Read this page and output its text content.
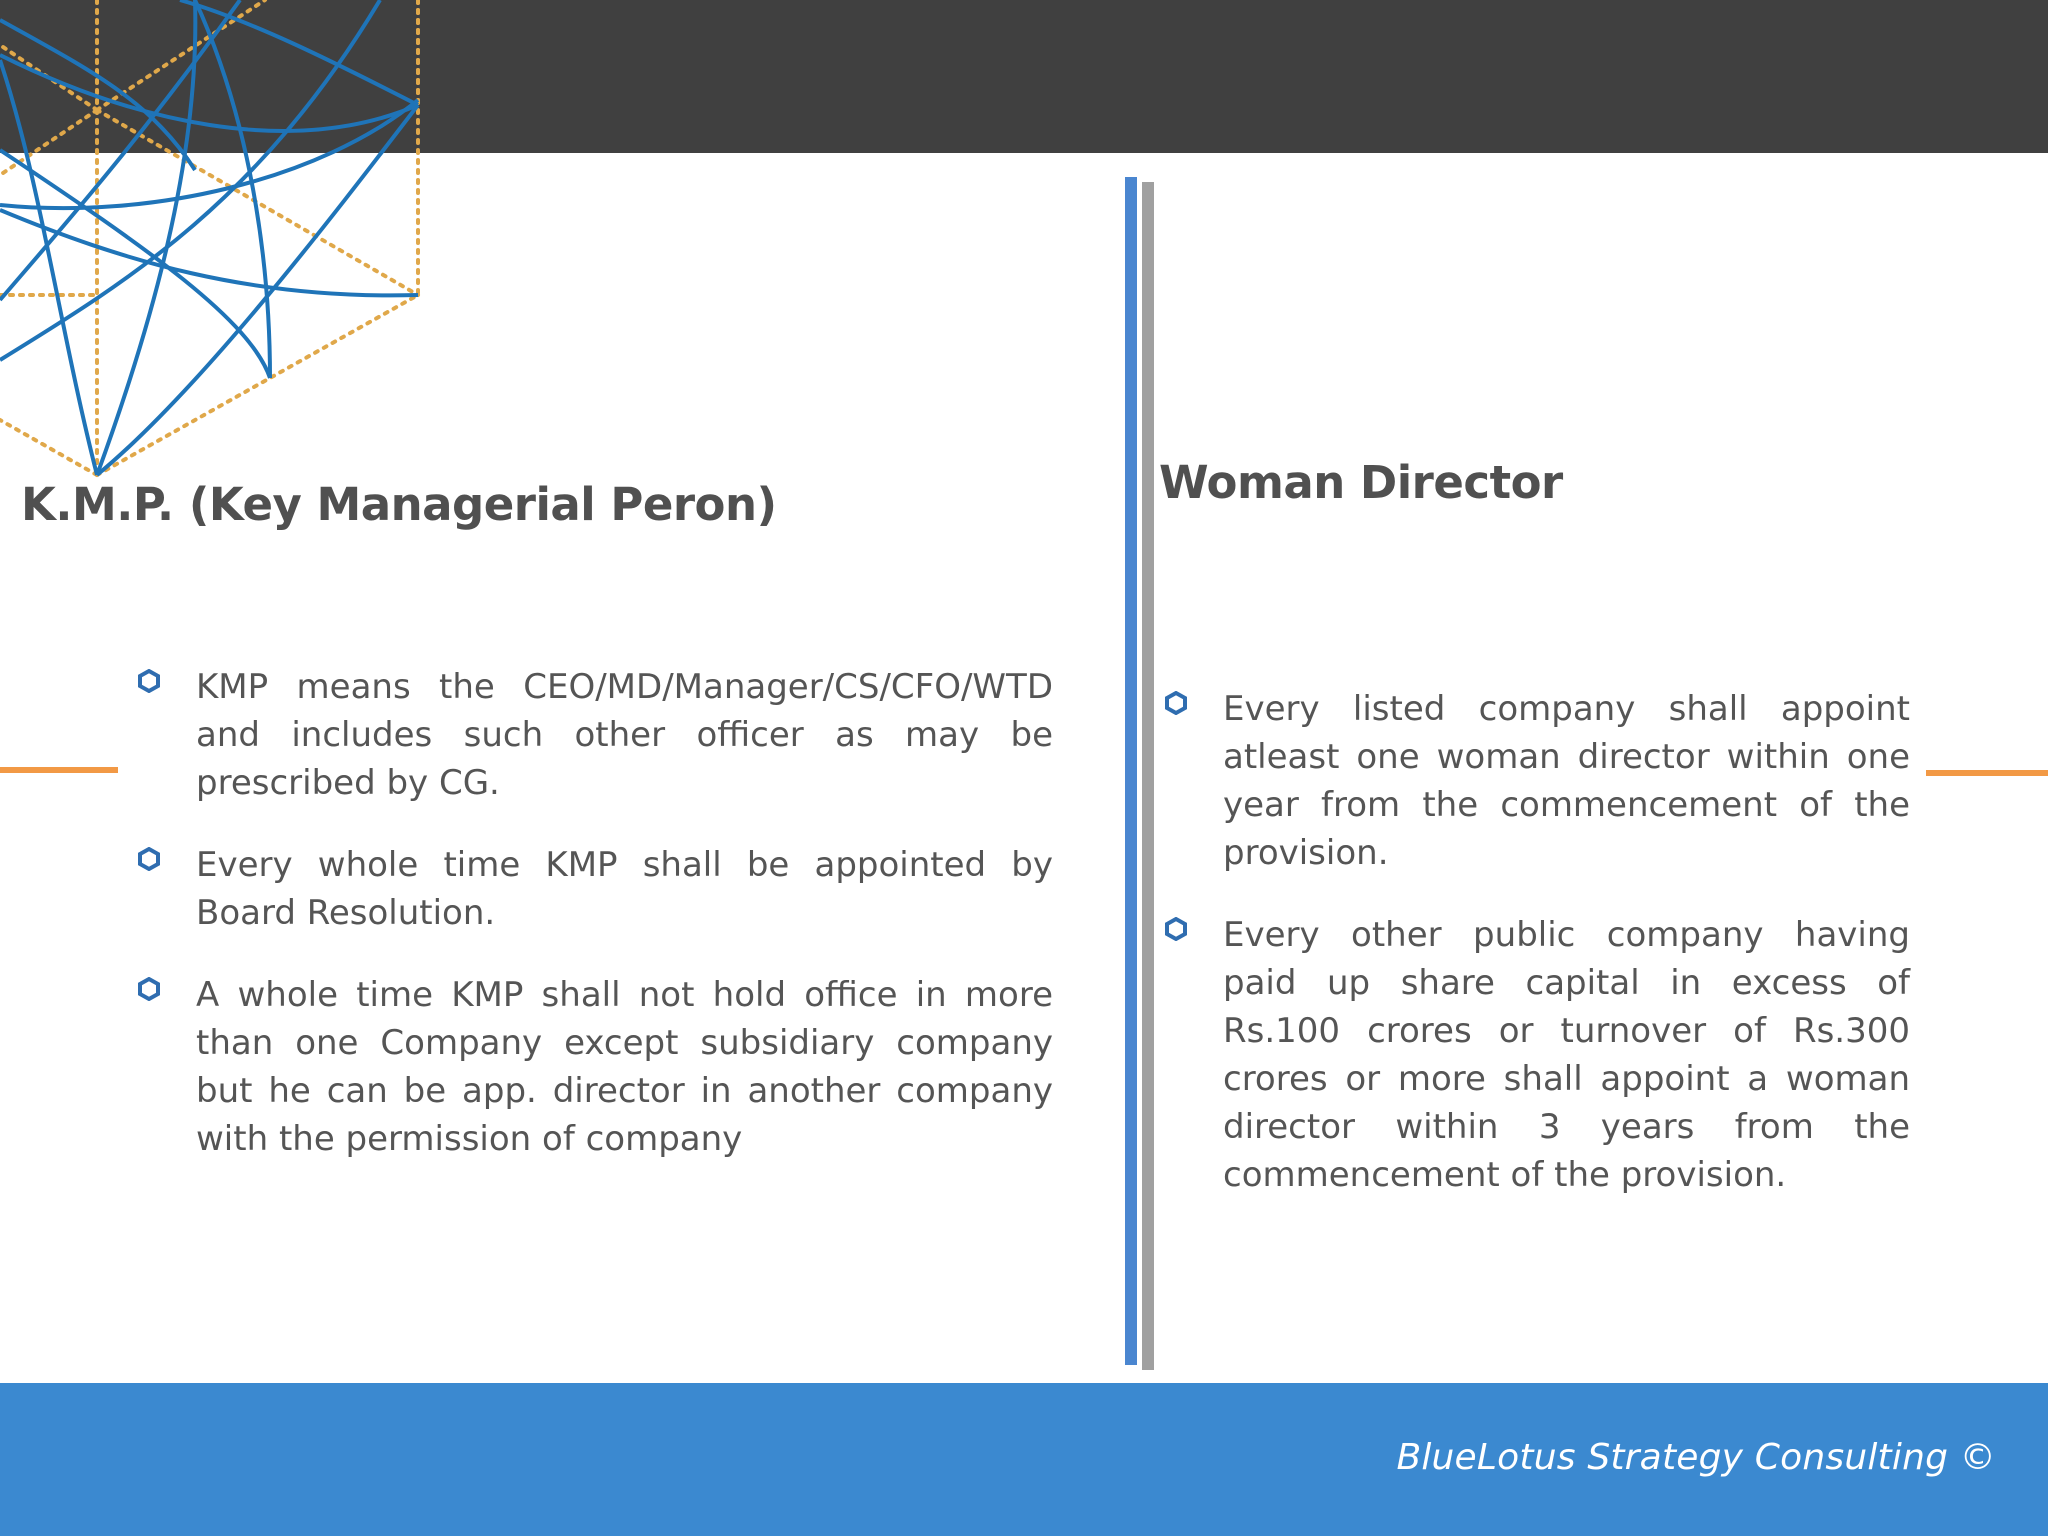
K.M.P. (Key Managerial Peron)
KMP means the CEO/MD/Manager/CS/CFO/WTD and includes such other officer as may be prescribed by CG.
Every whole time KMP shall be appointed by Board Resolution.
A whole time KMP shall not hold office in more than one Company except subsidiary company but he can be app. director in another company with the permission of company
Woman Director
Every listed company shall appoint atleast one woman director within one year from the commencement of the provision.
Every other public company having paid up share capital in excess of Rs.100 crores or turnover of Rs.300 crores or more shall appoint a woman director within 3 years from the commencement of the provision.
BlueLotus Strategy Consulting ©
